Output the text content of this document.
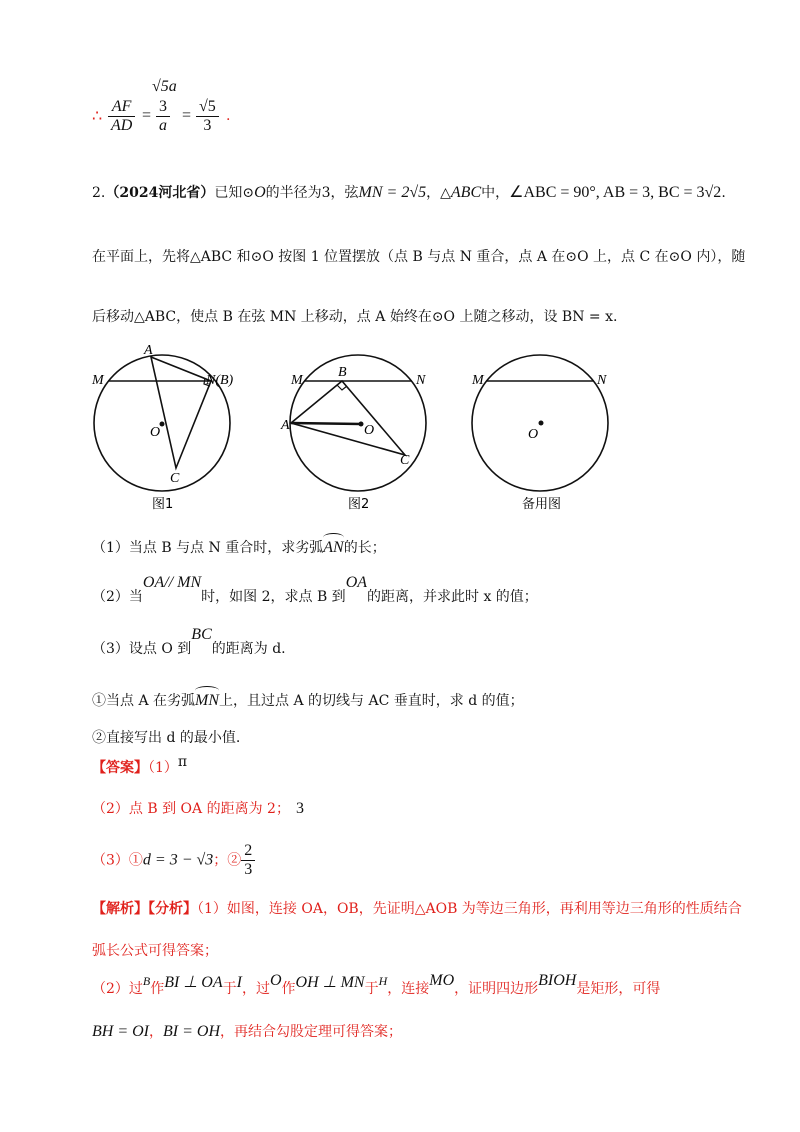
∴ $\frac{AF}{AD}$ =
√5a
$\frac{3}{a} = \frac{√5}{3}$ .
2.（2024河北省）已知⊙O的半径为3，弦MN = 2√5，△ABC中，∠ABC = 90°, AB = 3, BC = 3√2.
在平面上，先将△ABC 和⊙O 按图 1 位置摆放（点 B 与点 N 重合，点 A 在⊙O 上，点 C 在⊙O 内），随
后移动△ABC，使点 B 在弦 MN 上移动，点 A 始终在⊙O 上随之移动，设 BN = x.
M	N(B)
A
O
C
图1
M	N
B
A	O
C
图2
M	N
O
备用图
（1）当点 B 与点 N 重合时，求劣弧AN的长；
（2）当OA// MN时，如图 2，求点 B 到OA的距离，并求此时 x 的值；
（3）设点 O 到BC的距离为 d.
①当点 A 在劣弧MN上，且过点 A 的切线与 AC 垂直时，求 d 的值；
②直接写出 d 的最小值.
【答案】（1）π
（2）点 B 到 OA 的距离为 2； 3
（3）①d = 3 − √3；② $\frac{2}{3}$
【解析】【分析】（1）如图，连接 OA，OB，先证明△AOB 为等边三角形，再利用等边三角形的性质结合
弧长公式可得答案；
（2）过B作BI ⊥ OA于I，过O作OH ⊥ MN于H，连接MO，证明四边形BIOH是矩形，可得
BH = OI，BI = OH，再结合勾股定理可得答案；
